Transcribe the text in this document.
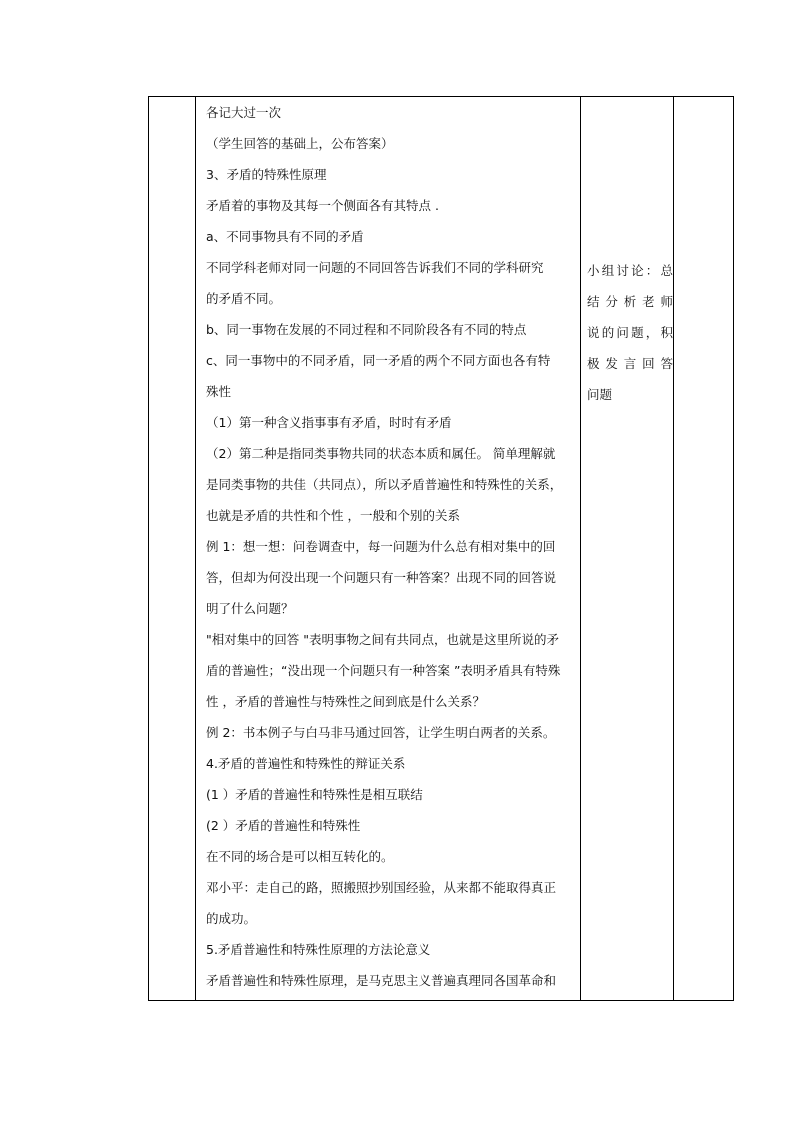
各记大过一次
（学生回答的基础上，公布答案）
3、矛盾的特殊性原理
矛盾着的事物及其每一个侧面各有其特点 .
a、不同事物具有不同的矛盾
不同学科老师对同一问题的不同回答告诉我们不同的学科研究
的矛盾不同。
b、同一事物在发展的不同过程和不同阶段各有不同的特点
c、同一事物中的不同矛盾，同一矛盾的两个不同方面也各有特
殊性
（1）第一种含义指事事有矛盾，时时有矛盾
（2）第二种是指同类事物共同的状态本质和属任。 简单理解就
是同类事物的共佳（共同点），所以矛盾普遍性和特殊性的关系，
也就是矛盾的共性和个性 ，一般和个别的关系
例 1：想一想：问卷调查中，每一问题为什么总有相对集中的回
答，但却为何没出现一个问题只有一种答案？出现不同的回答说
明了什么问题？
"相对集中的回答 "表明事物之间有共同点，也就是这里所说的矛
盾的普遍性；“没出现一个问题只有一种答案 ”表明矛盾具有特殊
性 ，矛盾的普遍性与特殊性之间到底是什么关系？
例 2：书本例子与白马非马通过回答，让学生明白两者的关系。
4.矛盾的普遍性和特殊性的辩证关系
(1 ）矛盾的普遍性和特殊性是相互联结
(2 ）矛盾的普遍性和特殊性
在不同的场合是可以相互转化的。
邓小平：走自己的路，照搬照抄别国经验，从来都不能取得真正
的成功。
5.矛盾普遍性和特殊性原理的方法论意义
矛盾普遍性和特殊性原理，是马克思主义普遍真理同各国革命和
小组讨论：总
结 分 析 老 师
说的问题，积
极 发 言 回 答
问题
